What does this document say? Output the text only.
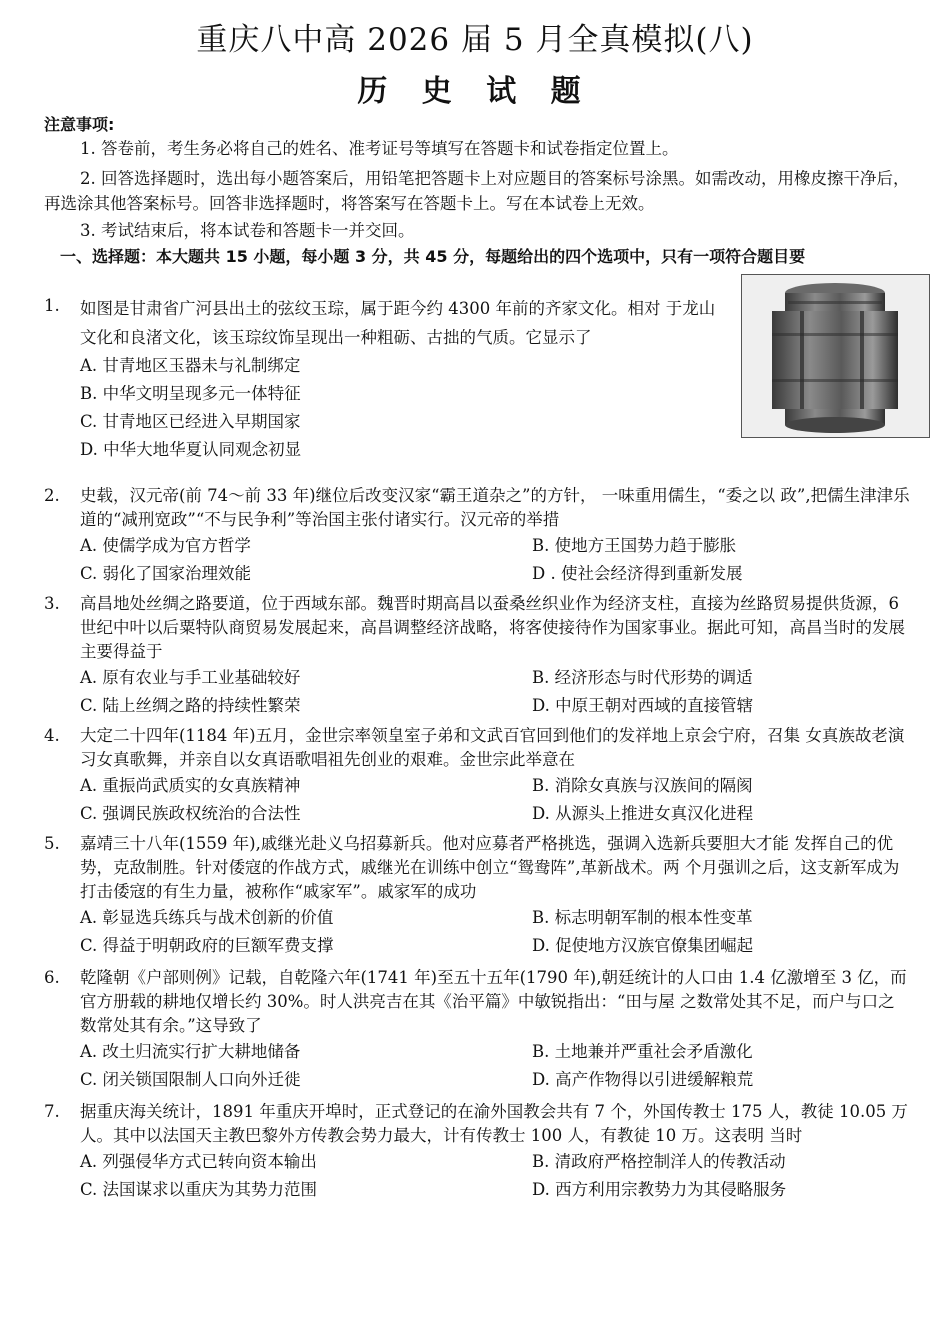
重庆八中高 2026 届 5 月全真模拟(八)
历 史 试 题
注意事项:
1. 答卷前，考生务必将自己的姓名、准考证号等填写在答题卡和试卷指定位置上。
2. 回答选择题时，选出每小题答案后，用铅笔把答题卡上对应题目的答案标号涂黑。如需改动，用橡皮擦干净后，再选涂其他答案标号。回答非选择题时，将答案写在答题卡上。写在本试卷上无效。
3. 考试结束后，将本试卷和答题卡一并交回。
一、选择题：本大题共 15 小题，每小题 3 分，共 45 分，每题给出的四个选项中，只有一项符合题目要
1. 如图是甘肃省广河县出土的弦纹玉琮，属于距今约 4300 年前的齐家文化。相对 于龙山文化和良渚文化，该玉琮纹饰呈现出一种粗砺、古拙的气质。它显示了
A. 甘青地区玉器未与礼制绑定
B. 中华文明呈现多元一体特征
C. 甘青地区已经进入早期国家
D. 中华大地华夏认同观念初显
2. 史载，汉元帝(前 74～前 33 年)继位后改变汉家“霸王道杂之”的方针， 一味重用儒生，“委之以 政”,把儒生津津乐道的“减刑宽政”“不与民争利”等治国主张付诸实行。汉元帝的举措
A. 使儒学成为官方哲学	B. 使地方王国势力趋于膨胀
C. 弱化了国家治理效能	D . 使社会经济得到重新发展
3. 高昌地处丝绸之路要道，位于西域东部。魏晋时期高昌以蚕桑丝织业作为经济支柱，直接为丝路贸易提供货源，6 世纪中叶以后粟特队商贸易发展起来，高昌调整经济战略，将客使接待作为国家事业。据此可知，高昌当时的发展主要得益于
A. 原有农业与手工业基础较好	B. 经济形态与时代形势的调适
C. 陆上丝绸之路的持续性繁荣	D. 中原王朝对西域的直接管辖
4. 大定二十四年(1184 年)五月，金世宗率领皇室子弟和文武百官回到他们的发祥地上京会宁府，召集 女真族故老演习女真歌舞，并亲自以女真语歌唱祖先创业的艰难。金世宗此举意在
A. 重振尚武质实的女真族精神	B. 消除女真族与汉族间的隔阂
C. 强调民族政权统治的合法性	D. 从源头上推进女真汉化进程
5. 嘉靖三十八年(1559 年),戚继光赴义乌招募新兵。他对应募者严格挑选，强调入选新兵要胆大才能 发挥自己的优势，克敌制胜。针对倭寇的作战方式，戚继光在训练中创立“鸳鸯阵”,革新战术。两 个月强训之后，这支新军成为打击倭寇的有生力量，被称作“戚家军”。戚家军的成功
A. 彰显选兵练兵与战术创新的价值	B. 标志明朝军制的根本性变革
C. 得益于明朝政府的巨额军费支撑	D. 促使地方汉族官僚集团崛起
6. 乾隆朝《户部则例》记载，自乾隆六年(1741 年)至五十五年(1790 年),朝廷统计的人口由 1.4 亿激增至 3 亿，而官方册载的耕地仅增长约 30%。时人洪亮吉在其《治平篇》中敏锐指出：“田与屋 之数常处其不足，而户与口之数常处其有余。”这导致了
A. 改土归流实行扩大耕地储备	B. 土地兼并严重社会矛盾激化
C. 闭关锁国限制人口向外迁徙	D. 高产作物得以引进缓解粮荒
7. 据重庆海关统计，1891 年重庆开埠时，正式登记的在渝外国教会共有 7 个，外国传教士 175 人，教徒 10.05 万人。其中以法国天主教巴黎外方传教会势力最大，计有传教士 100 人，有教徒 10 万。这表明 当时
A. 列强侵华方式已转向资本输出	B. 清政府严格控制洋人的传教活动
C. 法国谋求以重庆为其势力范围	D. 西方利用宗教势力为其侵略服务
